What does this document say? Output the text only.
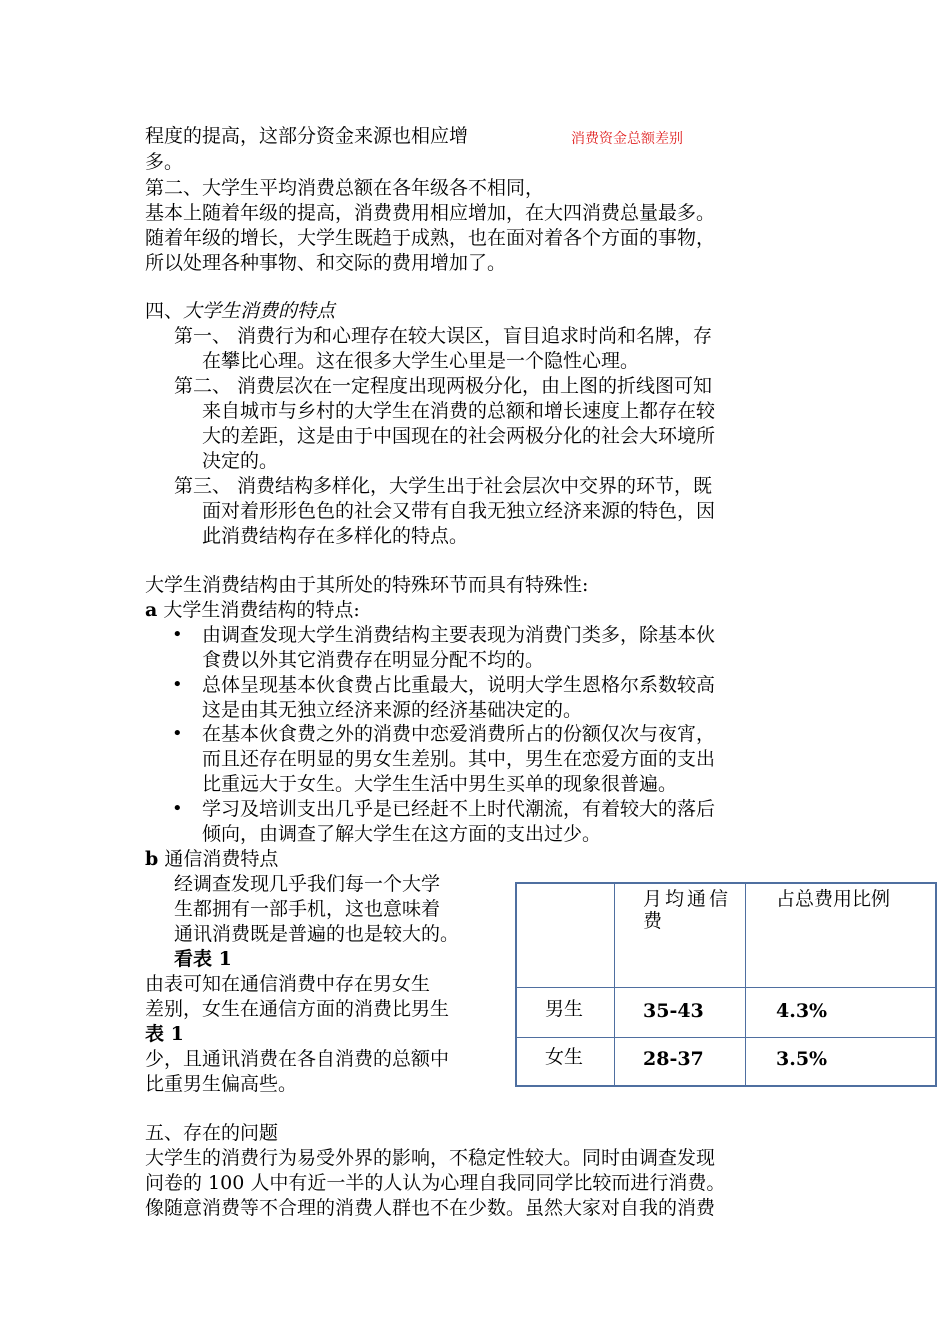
消费资金总额差别
程度的提高，这部分资金来源也相应增
多。
第二、大学生平均消费总额在各年级各不相同，
基本上随着年级的提高，消费费用相应增加，在大四消费总量最多。
随着年级的增长，大学生既趋于成熟，也在面对着各个方面的事物，
所以处理各种事物、和交际的费用增加了。
四、大学生消费的特点
第一、 消费行为和心理存在较大误区，盲目追求时尚和名牌，存
在攀比心理。这在很多大学生心里是一个隐性心理。
第二、 消费层次在一定程度出现两极分化，由上图的折线图可知
来自城市与乡村的大学生在消费的总额和增长速度上都存在较
大的差距，这是由于中国现在的社会两极分化的社会大环境所
决定的。
第三、 消费结构多样化，大学生出于社会层次中交界的环节，既
面对着形形色色的社会又带有自我无独立经济来源的特色，因
此消费结构存在多样化的特点。
大学生消费结构由于其所处的特殊环节而具有特殊性:
a 大学生消费结构的特点:
• 由调查发现大学生消费结构主要表现为消费门类多，除基本伙
食费以外其它消费存在明显分配不均的。
• 总体呈现基本伙食费占比重最大，说明大学生恩格尔系数较高
这是由其无独立经济来源的经济基础决定的。
• 在基本伙食费之外的消费中恋爱消费所占的份额仅次与夜宵，
而且还存在明显的男女生差别。其中，男生在恋爱方面的支出
比重远大于女生。大学生生活中男生买单的现象很普遍。
• 学习及培训支出几乎是已经赶不上时代潮流，有着较大的落后
倾向，由调查了解大学生在这方面的支出过少。
b 通信消费特点
经调查发现几乎我们每一个大学
生都拥有一部手机，这也意味着
通讯消费既是普遍的也是较大的。
看表 1
由表可知在通信消费中存在男女生
差别，女生在通信方面的消费比男生
表 1
少，且通讯消费在各自消费的总额中
比重男生偏高些。

	月均通信费	占总费用比例

男生	35-43	4.3%

女生	28-37	3.5%
五、存在的问题
大学生的消费行为易受外界的影响，不稳定性较大。同时由调查发现
问卷的 100 人中有近一半的人认为心理自我同同学比较而进行消费。
像随意消费等不合理的消费人群也不在少数。虽然大家对自我的消费
